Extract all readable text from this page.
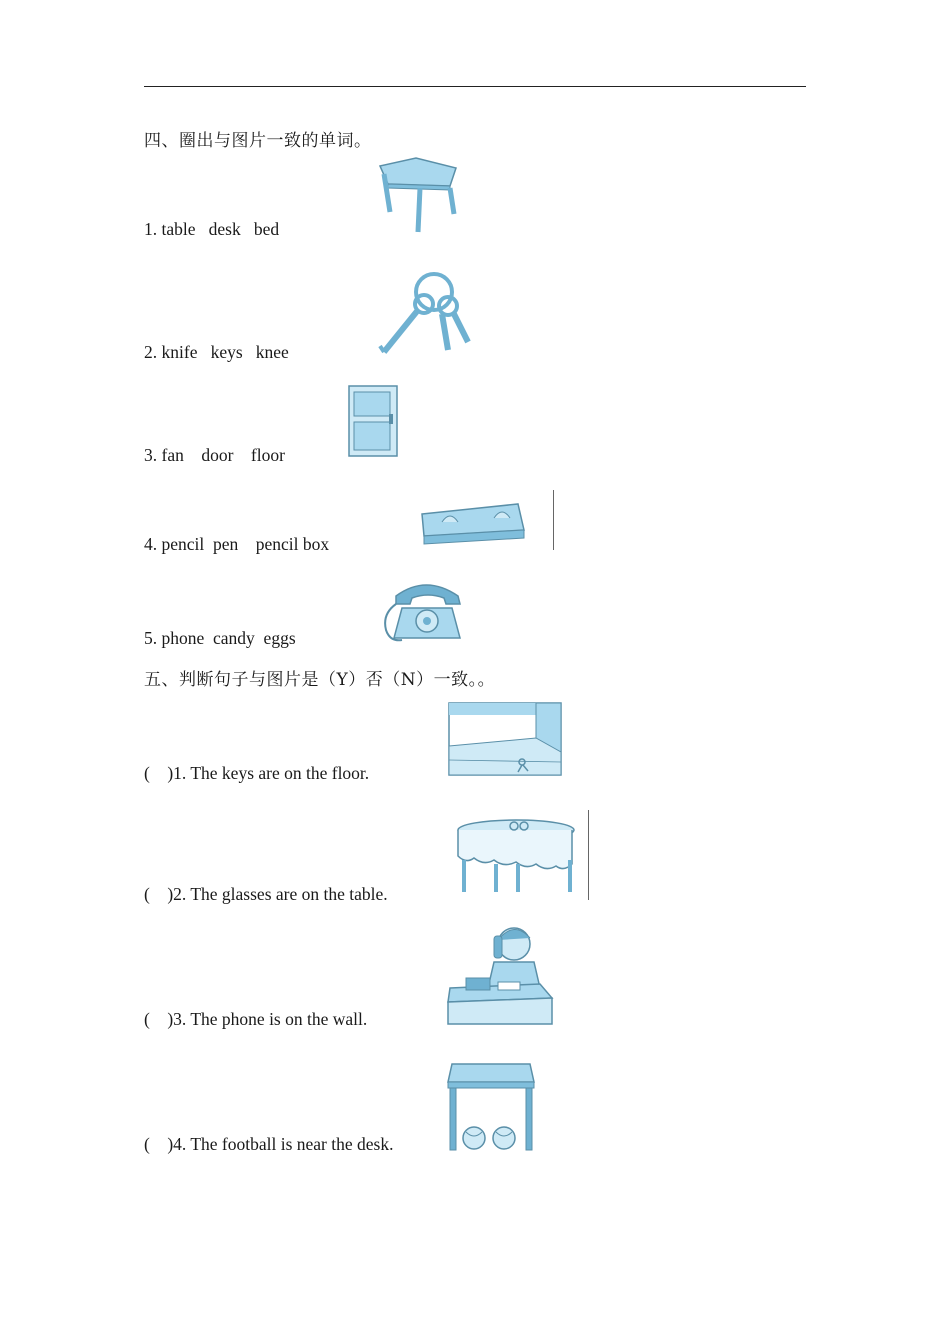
四、圈出与图片一致的单词。
1. table   desk   bed
2. knife   keys   knee
3. fan    door    floor
4. pencil  pen    pencil box
5. phone  candy  eggs
五、判断句子与图片是（Y）否（N）一致。。
(    )1. The keys are on the floor.
(    )2. The glasses are on the table.
(    )3. The phone is on the wall.
(    )4. The football is near the desk.
